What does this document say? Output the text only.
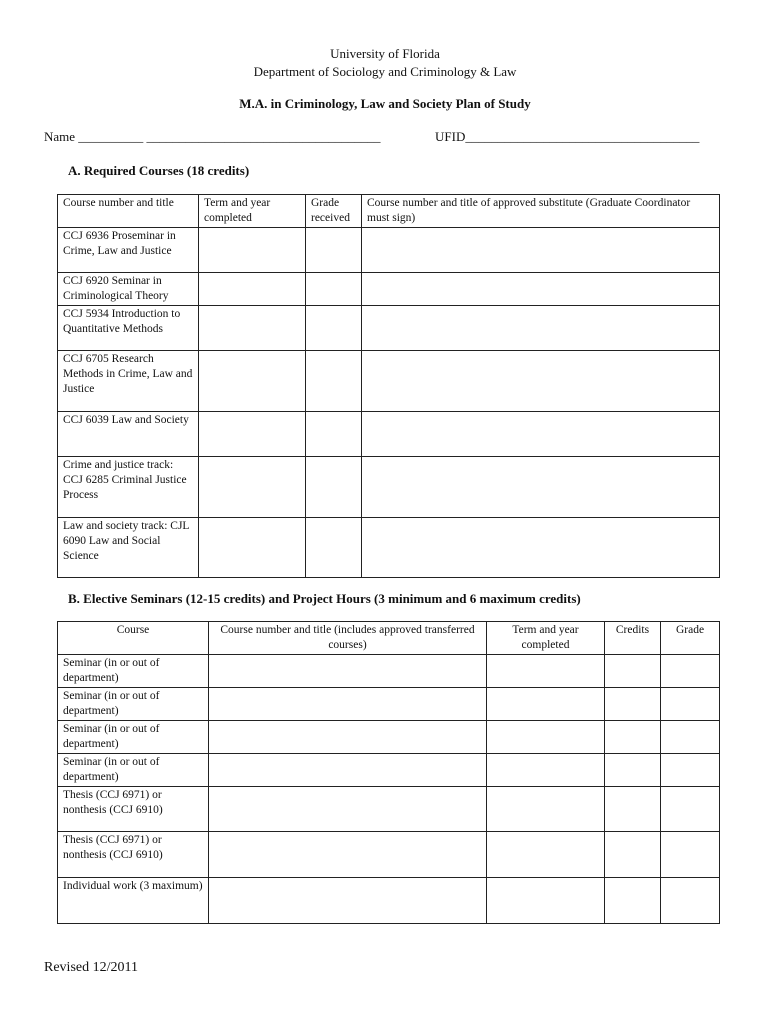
University of Florida
Department of Sociology and Criminology & Law
M.A. in Criminology, Law and Society Plan of Study
Name __________ ____________________________________	UFID____________________________________
A. Required Courses (18 credits)
Course number and title	Term and year completed	Grade received	Course number and title of approved substitute (Graduate Coordinator must sign)
CCJ 6936 Proseminar in Crime, Law and Justice			
CCJ 6920 Seminar in Criminological Theory			
CCJ 5934 Introduction to Quantitative Methods			
CCJ 6705 Research Methods in Crime, Law and Justice			
CCJ 6039 Law and Society			
Crime and justice track: CCJ 6285 Criminal Justice Process			
Law and society track: CJL 6090 Law and Social Science			
B. Elective Seminars (12-15 credits) and Project Hours (3 minimum and 6 maximum credits)
Course	Course number and title (includes approved transferred courses)	Term and year completed	Credits	Grade
Seminar (in or out of department)				
Seminar (in or out of department)				
Seminar (in or out of department)				
Seminar (in or out of department)				
Thesis (CCJ 6971) or nonthesis (CCJ 6910)				
Thesis (CCJ 6971) or nonthesis (CCJ 6910)				
Individual work (3 maximum)				
Revised 12/2011
